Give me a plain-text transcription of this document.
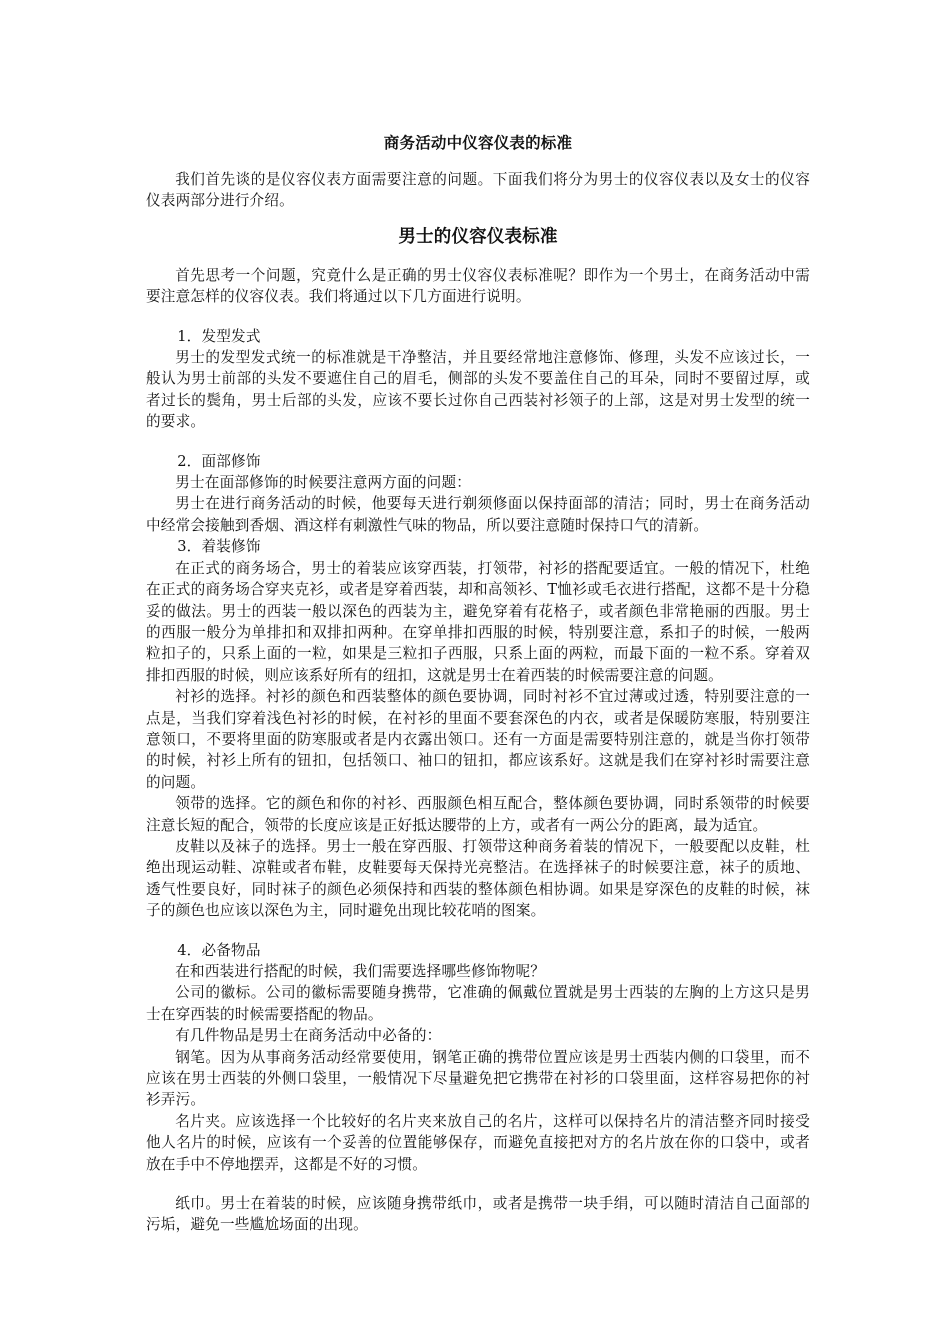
商务活动中仪容仪表的标准

我们首先谈的是仪容仪表方面需要注意的问题。下面我们将分为男士的仪容仪表以及女士的仪容仪表两部分进行介绍。

男士的仪容仪表标准

首先思考一个问题，究竟什么是正确的男士仪容仪表标准呢？即作为一个男士，在商务活动中需要注意怎样的仪容仪表。我们将通过以下几方面进行说明。

1．发型发式

男士的发型发式统一的标准就是干净整洁，并且要经常地注意修饰、修理，头发不应该过长，一般认为男士前部的头发不要遮住自己的眉毛，侧部的头发不要盖住自己的耳朵，同时不要留过厚，或者过长的鬓角，男士后部的头发，应该不要长过你自己西装衬衫领子的上部，这是对男士发型的统一的要求。

2．面部修饰

男士在面部修饰的时候要注意两方面的问题：

男士在进行商务活动的时候，他要每天进行剃须修面以保持面部的清洁；同时，男士在商务活动中经常会接触到香烟、酒这样有刺激性气味的物品，所以要注意随时保持口气的清新。

3．着装修饰

在正式的商务场合，男士的着装应该穿西装，打领带，衬衫的搭配要适宜。一般的情况下，杜绝在正式的商务场合穿夹克衫，或者是穿着西装，却和高领衫、T恤衫或毛衣进行搭配，这都不是十分稳妥的做法。男士的西装一般以深色的西装为主，避免穿着有花格子，或者颜色非常艳丽的西服。男士的西服一般分为单排扣和双排扣两种。在穿单排扣西服的时候，特别要注意，系扣子的时候，一般两粒扣子的，只系上面的一粒，如果是三粒扣子西服，只系上面的两粒，而最下面的一粒不系。穿着双排扣西服的时候，则应该系好所有的纽扣，这就是男士在着西装的时候需要注意的问题。

衬衫的选择。衬衫的颜色和西装整体的颜色要协调，同时衬衫不宜过薄或过透，特别要注意的一点是，当我们穿着浅色衬衫的时候，在衬衫的里面不要套深色的内衣，或者是保暖防寒服，特别要注意领口，不要将里面的防寒服或者是内衣露出领口。还有一方面是需要特别注意的，就是当你打领带的时候，衬衫上所有的钮扣，包括领口、袖口的钮扣，都应该系好。这就是我们在穿衬衫时需要注意的问题。

领带的选择。它的颜色和你的衬衫、西服颜色相互配合，整体颜色要协调，同时系领带的时候要注意长短的配合，领带的长度应该是正好抵达腰带的上方，或者有一两公分的距离，最为适宜。

皮鞋以及袜子的选择。男士一般在穿西服、打领带这种商务着装的情况下，一般要配以皮鞋，杜绝出现运动鞋、凉鞋或者布鞋，皮鞋要每天保持光亮整洁。在选择袜子的时候要注意，袜子的质地、透气性要良好，同时袜子的颜色必须保持和西装的整体颜色相协调。如果是穿深色的皮鞋的时候，袜子的颜色也应该以深色为主，同时避免出现比较花哨的图案。

4．必备物品

在和西装进行搭配的时候，我们需要选择哪些修饰物呢？

公司的徽标。公司的徽标需要随身携带，它准确的佩戴位置就是男士西装的左胸的上方这只是男士在穿西装的时候需要搭配的物品。

有几件物品是男士在商务活动中必备的：

钢笔。因为从事商务活动经常要使用，钢笔正确的携带位置应该是男士西装内侧的口袋里，而不应该在男士西装的外侧口袋里，一般情况下尽量避免把它携带在衬衫的口袋里面，这样容易把你的衬衫弄污。

名片夹。应该选择一个比较好的名片夹来放自己的名片，这样可以保持名片的清洁整齐同时接受他人名片的时候，应该有一个妥善的位置能够保存，而避免直接把对方的名片放在你的口袋中，或者放在手中不停地摆弄，这都是不好的习惯。

纸巾。男士在着装的时候，应该随身携带纸巾，或者是携带一块手绢，可以随时清洁自己面部的污垢，避免一些尴尬场面的出现。
